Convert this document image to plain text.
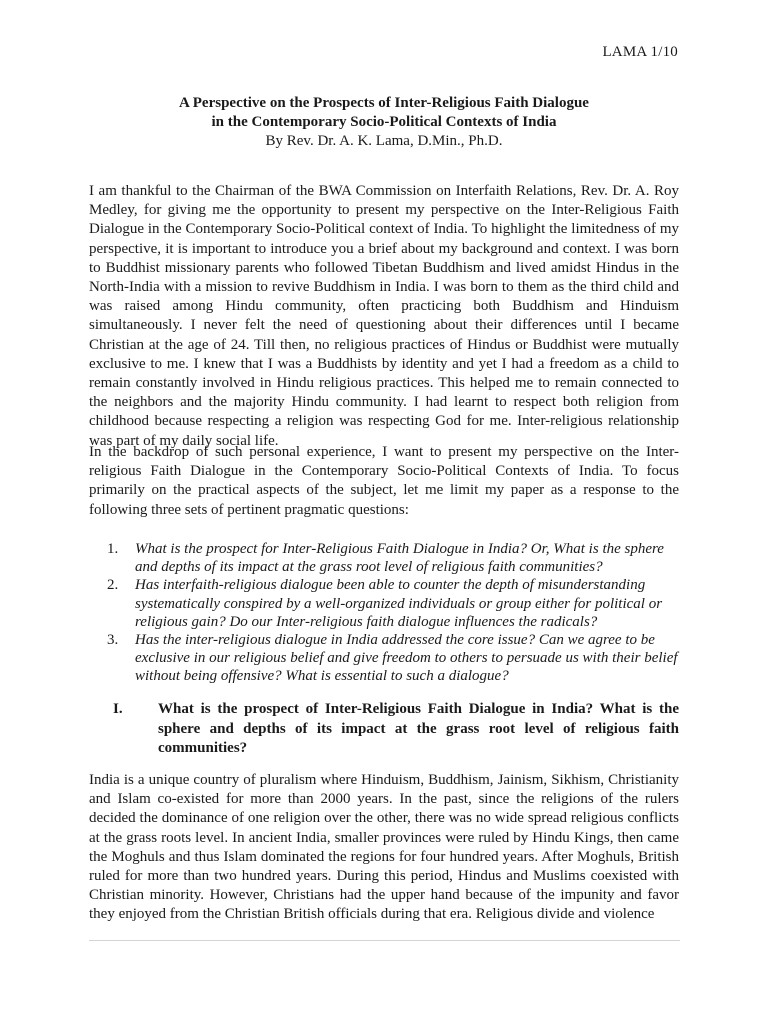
LAMA 1/10
A Perspective on the Prospects of Inter-Religious Faith Dialogue
in the Contemporary Socio-Political Contexts of India
By Rev. Dr. A. K. Lama, D.Min., Ph.D.
I am thankful to the Chairman of the BWA Commission on Interfaith Relations, Rev. Dr. A. Roy Medley, for giving me the opportunity to present my perspective on the Inter-Religious Faith Dialogue in the Contemporary Socio-Political context of India. To highlight the limitedness of my perspective, it is important to introduce you a brief about my background and context. I was born to Buddhist missionary parents who followed Tibetan Buddhism and lived amidst Hindus in the North-India with a mission to revive Buddhism in India. I was born to them as the third child and was raised among Hindu community, often practicing both Buddhism and Hinduism simultaneously. I never felt the need of questioning about their differences until I became Christian at the age of 24. Till then, no religious practices of Hindus or Buddhist were mutually exclusive to me. I knew that I was a Buddhists by identity and yet I had a freedom as a child to remain constantly involved in Hindu religious practices. This helped me to remain connected to the neighbors and the majority Hindu community. I had learnt to respect both religion from childhood because respecting a religion was respecting God for me. Inter-religious relationship was part of my daily social life.
In the backdrop of such personal experience, I want to present my perspective on the Inter-religious Faith Dialogue in the Contemporary Socio-Political Contexts of India. To focus primarily on the practical aspects of the subject, let me limit my paper as a response to the following three sets of pertinent pragmatic questions:
1.	What is the prospect for Inter-Religious Faith Dialogue in India? Or, What is the sphere and depths of its impact at the grass root level of religious faith communities?
2.	Has interfaith-religious dialogue been able to counter the depth of misunderstanding systematically conspired by a well-organized individuals or group either for political or religious gain? Do our Inter-religious faith dialogue influences the radicals?
3.	Has the inter-religious dialogue in India addressed the core issue? Can we agree to be exclusive in our religious belief and give freedom to others to persuade us with their belief without being offensive? What is essential to such a dialogue?
I.	What is the prospect of Inter-Religious Faith Dialogue in India? What is the sphere and depths of its impact at the grass root level of religious faith communities?
India is a unique country of pluralism where Hinduism, Buddhism, Jainism, Sikhism, Christianity and Islam co-existed for more than 2000 years. In the past, since the religions of the rulers decided the dominance of one religion over the other, there was no wide spread religious conflicts at the grass roots level. In ancient India, smaller provinces were ruled by Hindu Kings, then came the Moghuls and thus Islam dominated the regions for four hundred years. After Moghuls, British ruled for more than two hundred years. During this period, Hindus and Muslims coexisted with Christian minority. However, Christians had the upper hand because of the impunity and favor they enjoyed from the Christian British officials during that era. Religious divide and violence
